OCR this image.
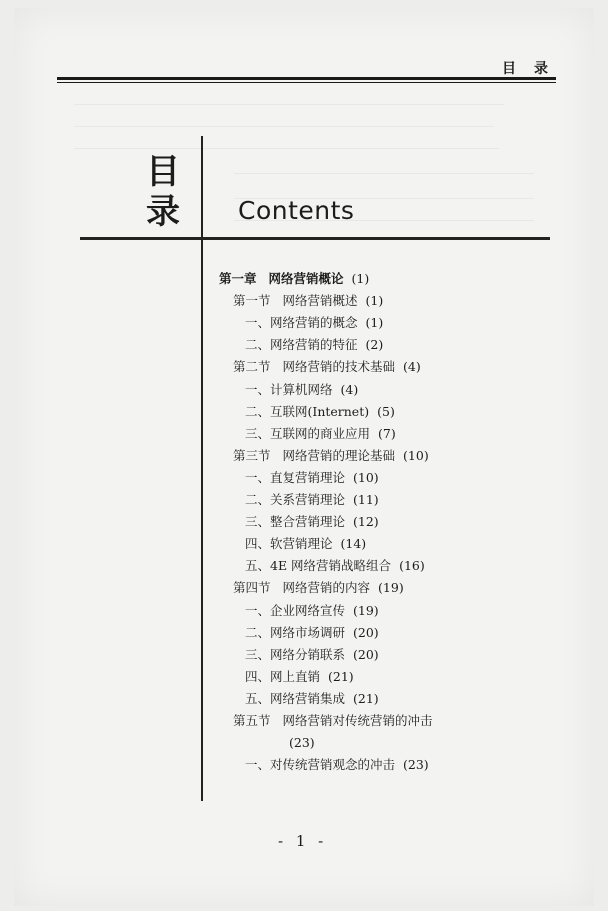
目　录
目
录 Contents
第一章 网络营销概论 (1)
第一节 网络营销概述 (1)
一、网络营销的概念 (1)
二、网络营销的特征 (2)
第二节 网络营销的技术基础 (4)
一、计算机网络 (4)
二、互联网(Internet) (5)
三、互联网的商业应用 (7)
第三节 网络营销的理论基础 (10)
一、直复营销理论 (10)
二、关系营销理论 (11)
三、整合营销理论 (12)
四、软营销理论 (14)
五、4E 网络营销战略组合 (16)
第四节 网络营销的内容 (19)
一、企业网络宣传 (19)
二、网络市场调研 (20)
三、网络分销联系 (20)
四、网上直销 (21)
五、网络营销集成 (21)
第五节 网络营销对传统营销的冲击
(23)
一、对传统营销观念的冲击 (23)
- 1 -
